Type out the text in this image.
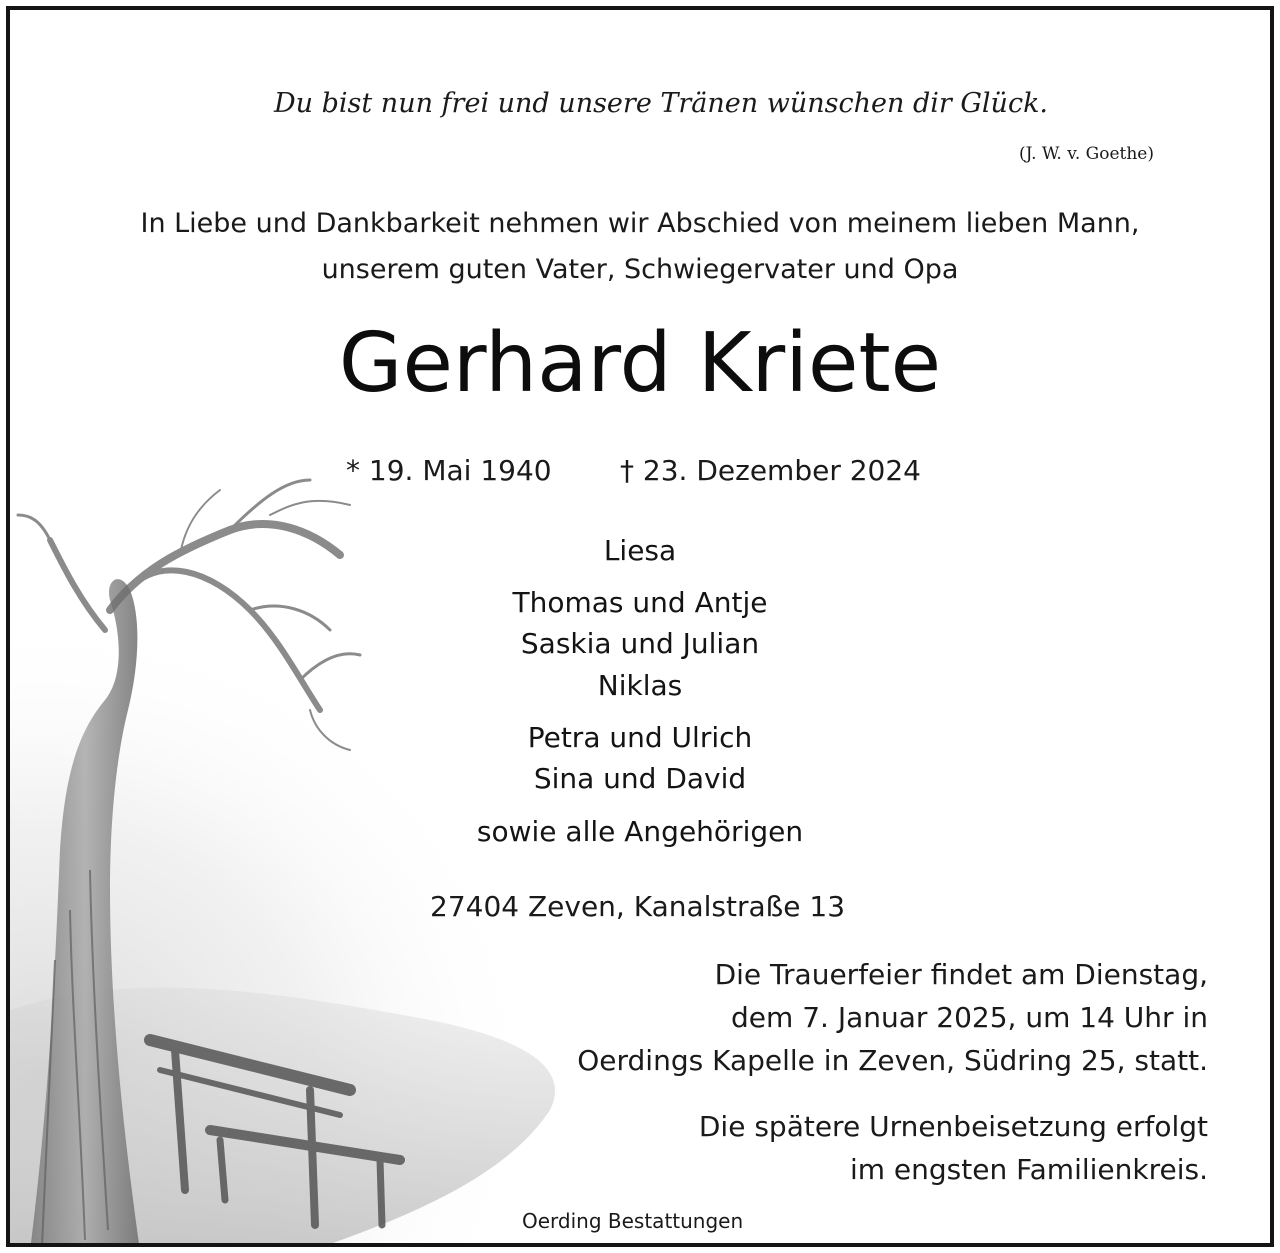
Du bist nun frei und unsere Tränen wünschen dir Glück.
(J. W. v. Goethe)
In Liebe und Dankbarkeit nehmen wir Abschied von meinem lieben Mann,
unserem guten Vater, Schwiegervater und Opa
Gerhard Kriete
* 19. Mai 1940 † 23. Dezember 2024
Liesa
Thomas und Antje
Saskia und Julian
Niklas
Petra und Ulrich
Sina und David
sowie alle Angehörigen
27404 Zeven, Kanalstraße 13
Die Trauerfeier findet am Dienstag,
dem 7. Januar 2025, um 14 Uhr in
Oerdings Kapelle in Zeven, Südring 25, statt.
Die spätere Urnenbeisetzung erfolgt
im engsten Familienkreis.
Oerding Bestattungen
